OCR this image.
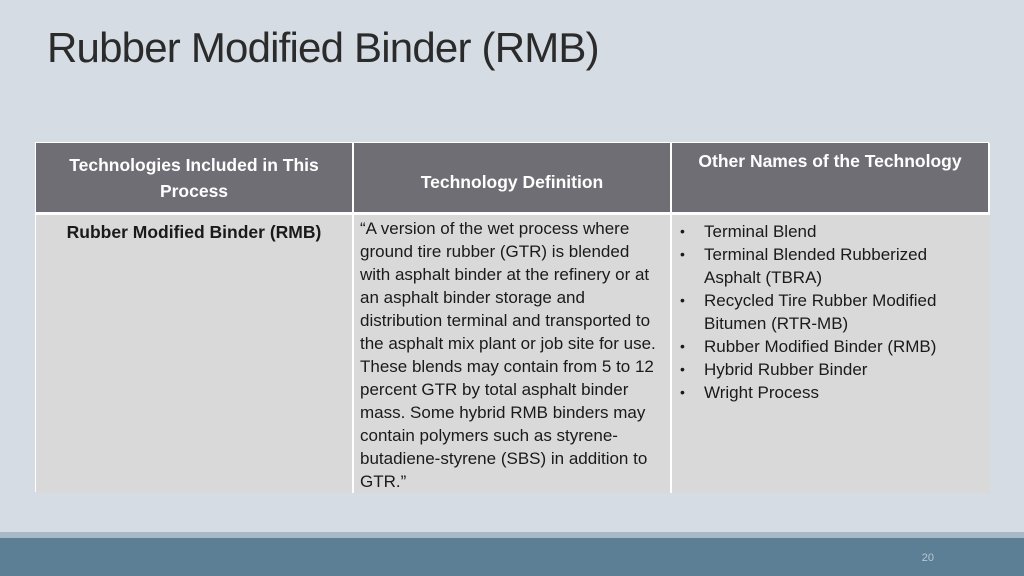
Rubber Modified Binder (RMB)
Technologies Included in This Process	Technology Definition
Other Names of the Technology
Rubber Modified Binder (RMB)	“A version of the wet process where ground tire rubber (GTR) is blended with asphalt binder at the refinery or at an asphalt binder storage and distribution terminal and transported to the asphalt mix plant or job site for use. These blends may contain from 5 to 12 percent GTR by total asphalt binder mass. Some hybrid RMB binders may contain polymers such as styrene-butadiene-styrene (SBS) in addition to GTR.”
• Terminal Blend
• Terminal Blended Rubberized Asphalt (TBRA)
• Recycled Tire Rubber Modified Bitumen (RTR-MB)
• Rubber Modified Binder (RMB)
• Hybrid Rubber Binder
• Wright Process
20
